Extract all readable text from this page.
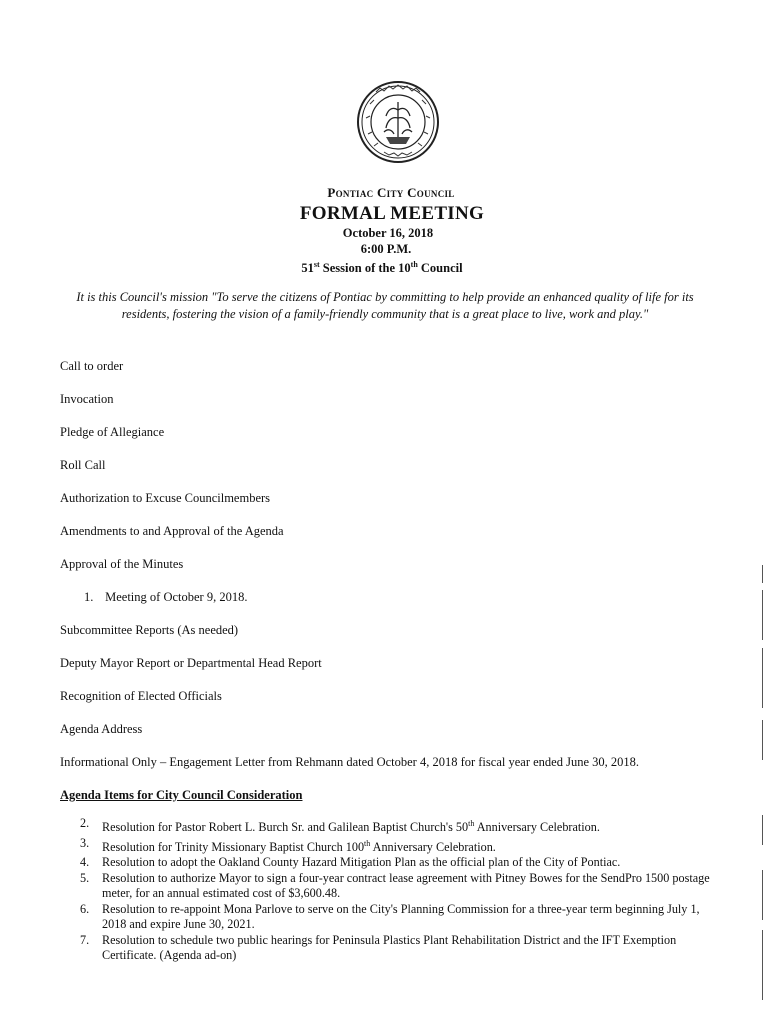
Pontiac City Council
FORMAL MEETING
October 16, 2018
6:00 P.M.
51st Session of the 10th Council
It is this Council's mission "To serve the citizens of Pontiac by committing to help provide an enhanced quality of life for its residents, fostering the vision of a family-friendly community that is a great place to live, work and play."
Call to order
Invocation
Pledge of Allegiance
Roll Call
Authorization to Excuse Councilmembers
Amendments to and Approval of the Agenda
Approval of the Minutes
1. Meeting of October 9, 2018.
Subcommittee Reports (As needed)
Deputy Mayor Report or Departmental Head Report
Recognition of Elected Officials
Agenda Address
Informational Only – Engagement Letter from Rehmann dated October 4, 2018 for fiscal year ended June 30, 2018.
Agenda Items for City Council Consideration
2.	Resolution for Pastor Robert L. Burch Sr. and Galilean Baptist Church's 50th Anniversary Celebration.
3.	Resolution for Trinity Missionary Baptist Church 100th Anniversary Celebration.
4.	Resolution to adopt the Oakland County Hazard Mitigation Plan as the official plan of the City of Pontiac.
5.	Resolution to authorize Mayor to sign a four-year contract lease agreement with Pitney Bowes for the SendPro 1500 postage meter, for an annual estimated cost of $3,600.48.
6.	Resolution to re-appoint Mona Parlove to serve on the City's Planning Commission for a three-year term beginning July 1, 2018 and expire June 30, 2021.
7.	Resolution to schedule two public hearings for Peninsula Plastics Plant Rehabilitation District and the IFT Exemption Certificate. (Agenda ad-on)
